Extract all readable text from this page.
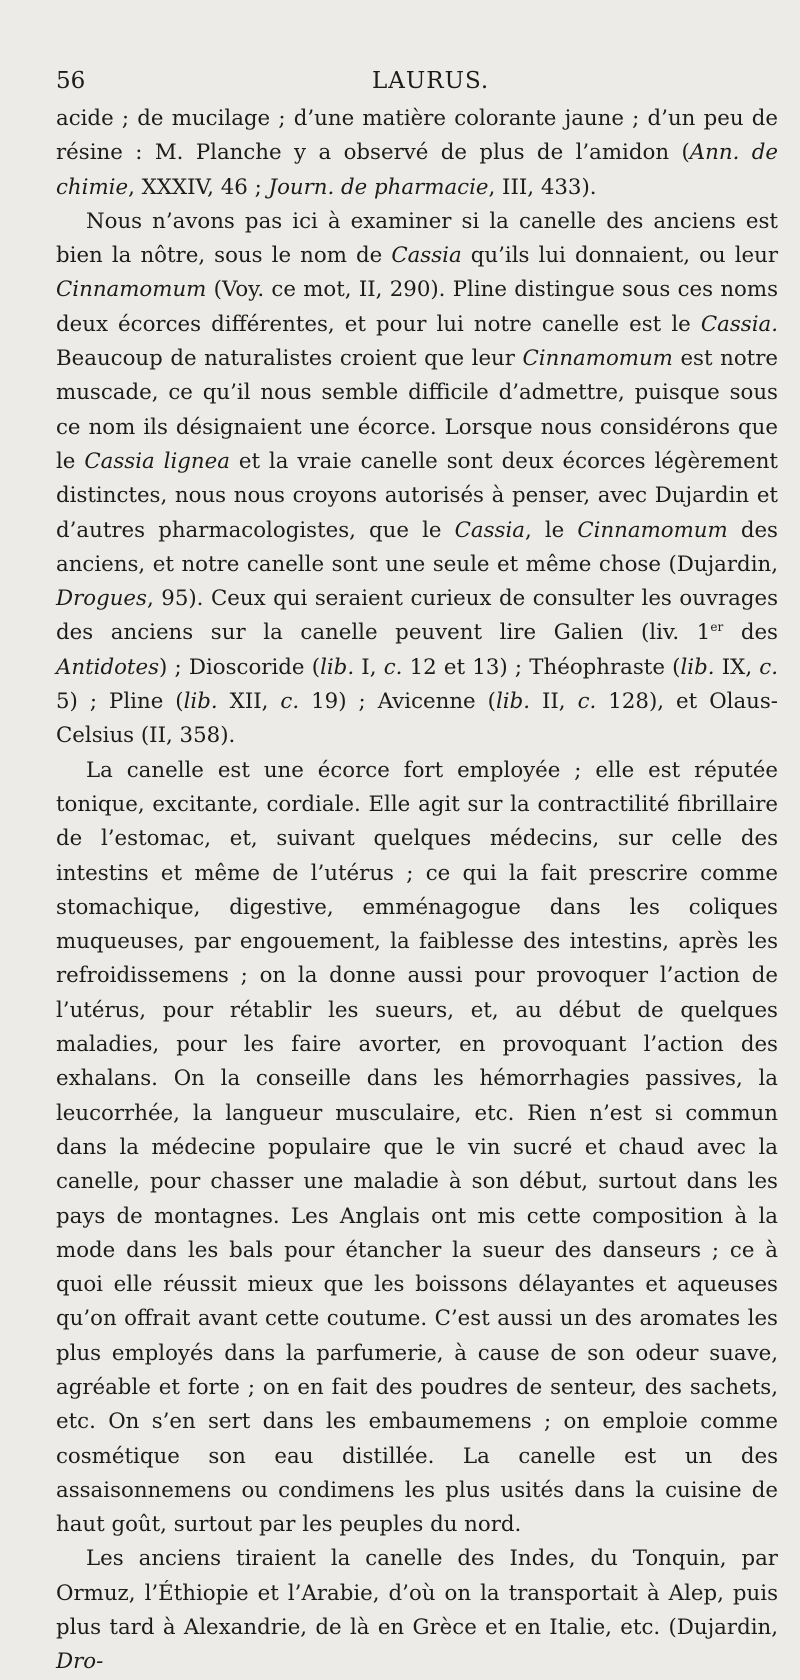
56	LAURUS.

acide ; de mucilage ; d’une matière colorante jaune ; d’un peu de résine : M. Planche y a observé de plus de l’amidon (Ann. de chimie, XXXIV, 46 ; Journ. de pharmacie, III, 433).

Nous n’avons pas ici à examiner si la canelle des anciens est bien la nôtre, sous le nom de Cassia qu’ils lui donnaient, ou leur Cinnamomum (Voy. ce mot, II, 290). Pline distingue sous ces noms deux écorces différentes, et pour lui notre canelle est le Cassia. Beaucoup de naturalistes croient que leur Cinnamomum est notre muscade, ce qu’il nous semble difficile d’admettre, puisque sous ce nom ils désignaient une écorce. Lorsque nous considérons que le Cassia lignea et la vraie canelle sont deux écorces légèrement distinctes, nous nous croyons autorisés à penser, avec Dujardin et d’autres pharmacologistes, que le Cassia, le Cinnamomum des anciens, et notre canelle sont une seule et même chose (Dujardin, Drogues, 95). Ceux qui seraient curieux de consulter les ouvrages des anciens sur la canelle peuvent lire Galien (liv. 1er des Antidotes) ; Dioscoride (lib. I, c. 12 et 13) ; Théophraste (lib. IX, c. 5) ; Pline (lib. XII, c. 19) ; Avicenne (lib. II, c. 128), et Olaus-Celsius (II, 358).

La canelle est une écorce fort employée ; elle est réputée tonique, excitante, cordiale. Elle agit sur la contractilité fibrillaire de l’estomac, et, suivant quelques médecins, sur celle des intestins et même de l’utérus ; ce qui la fait prescrire comme stomachique, digestive, emménagogue dans les coliques muqueuses, par engouement, la faiblesse des intestins, après les refroidissemens ; on la donne aussi pour provoquer l’action de l’utérus, pour rétablir les sueurs, et, au début de quelques maladies, pour les faire avorter, en provoquant l’action des exhalans. On la conseille dans les hémorrhagies passives, la leucorrhée, la langueur musculaire, etc. Rien n’est si commun dans la médecine populaire que le vin sucré et chaud avec la canelle, pour chasser une maladie à son début, surtout dans les pays de montagnes. Les Anglais ont mis cette composition à la mode dans les bals pour étancher la sueur des danseurs ; ce à quoi elle réussit mieux que les boissons délayantes et aqueuses qu’on offrait avant cette coutume. C’est aussi un des aromates les plus employés dans la parfumerie, à cause de son odeur suave, agréable et forte ; on en fait des poudres de senteur, des sachets, etc. On s’en sert dans les embaumemens ; on emploie comme cosmétique son eau distillée. La canelle est un des assaisonnemens ou condimens les plus usités dans la cuisine de haut goût, surtout par les peuples du nord.

Les anciens tiraient la canelle des Indes, du Tonquin, par Ormuz, l’Éthiopie et l’Arabie, d’où on la transportait à Alep, puis plus tard à Alexandrie, de là en Grèce et en Italie, etc. (Dujardin, Dro-
